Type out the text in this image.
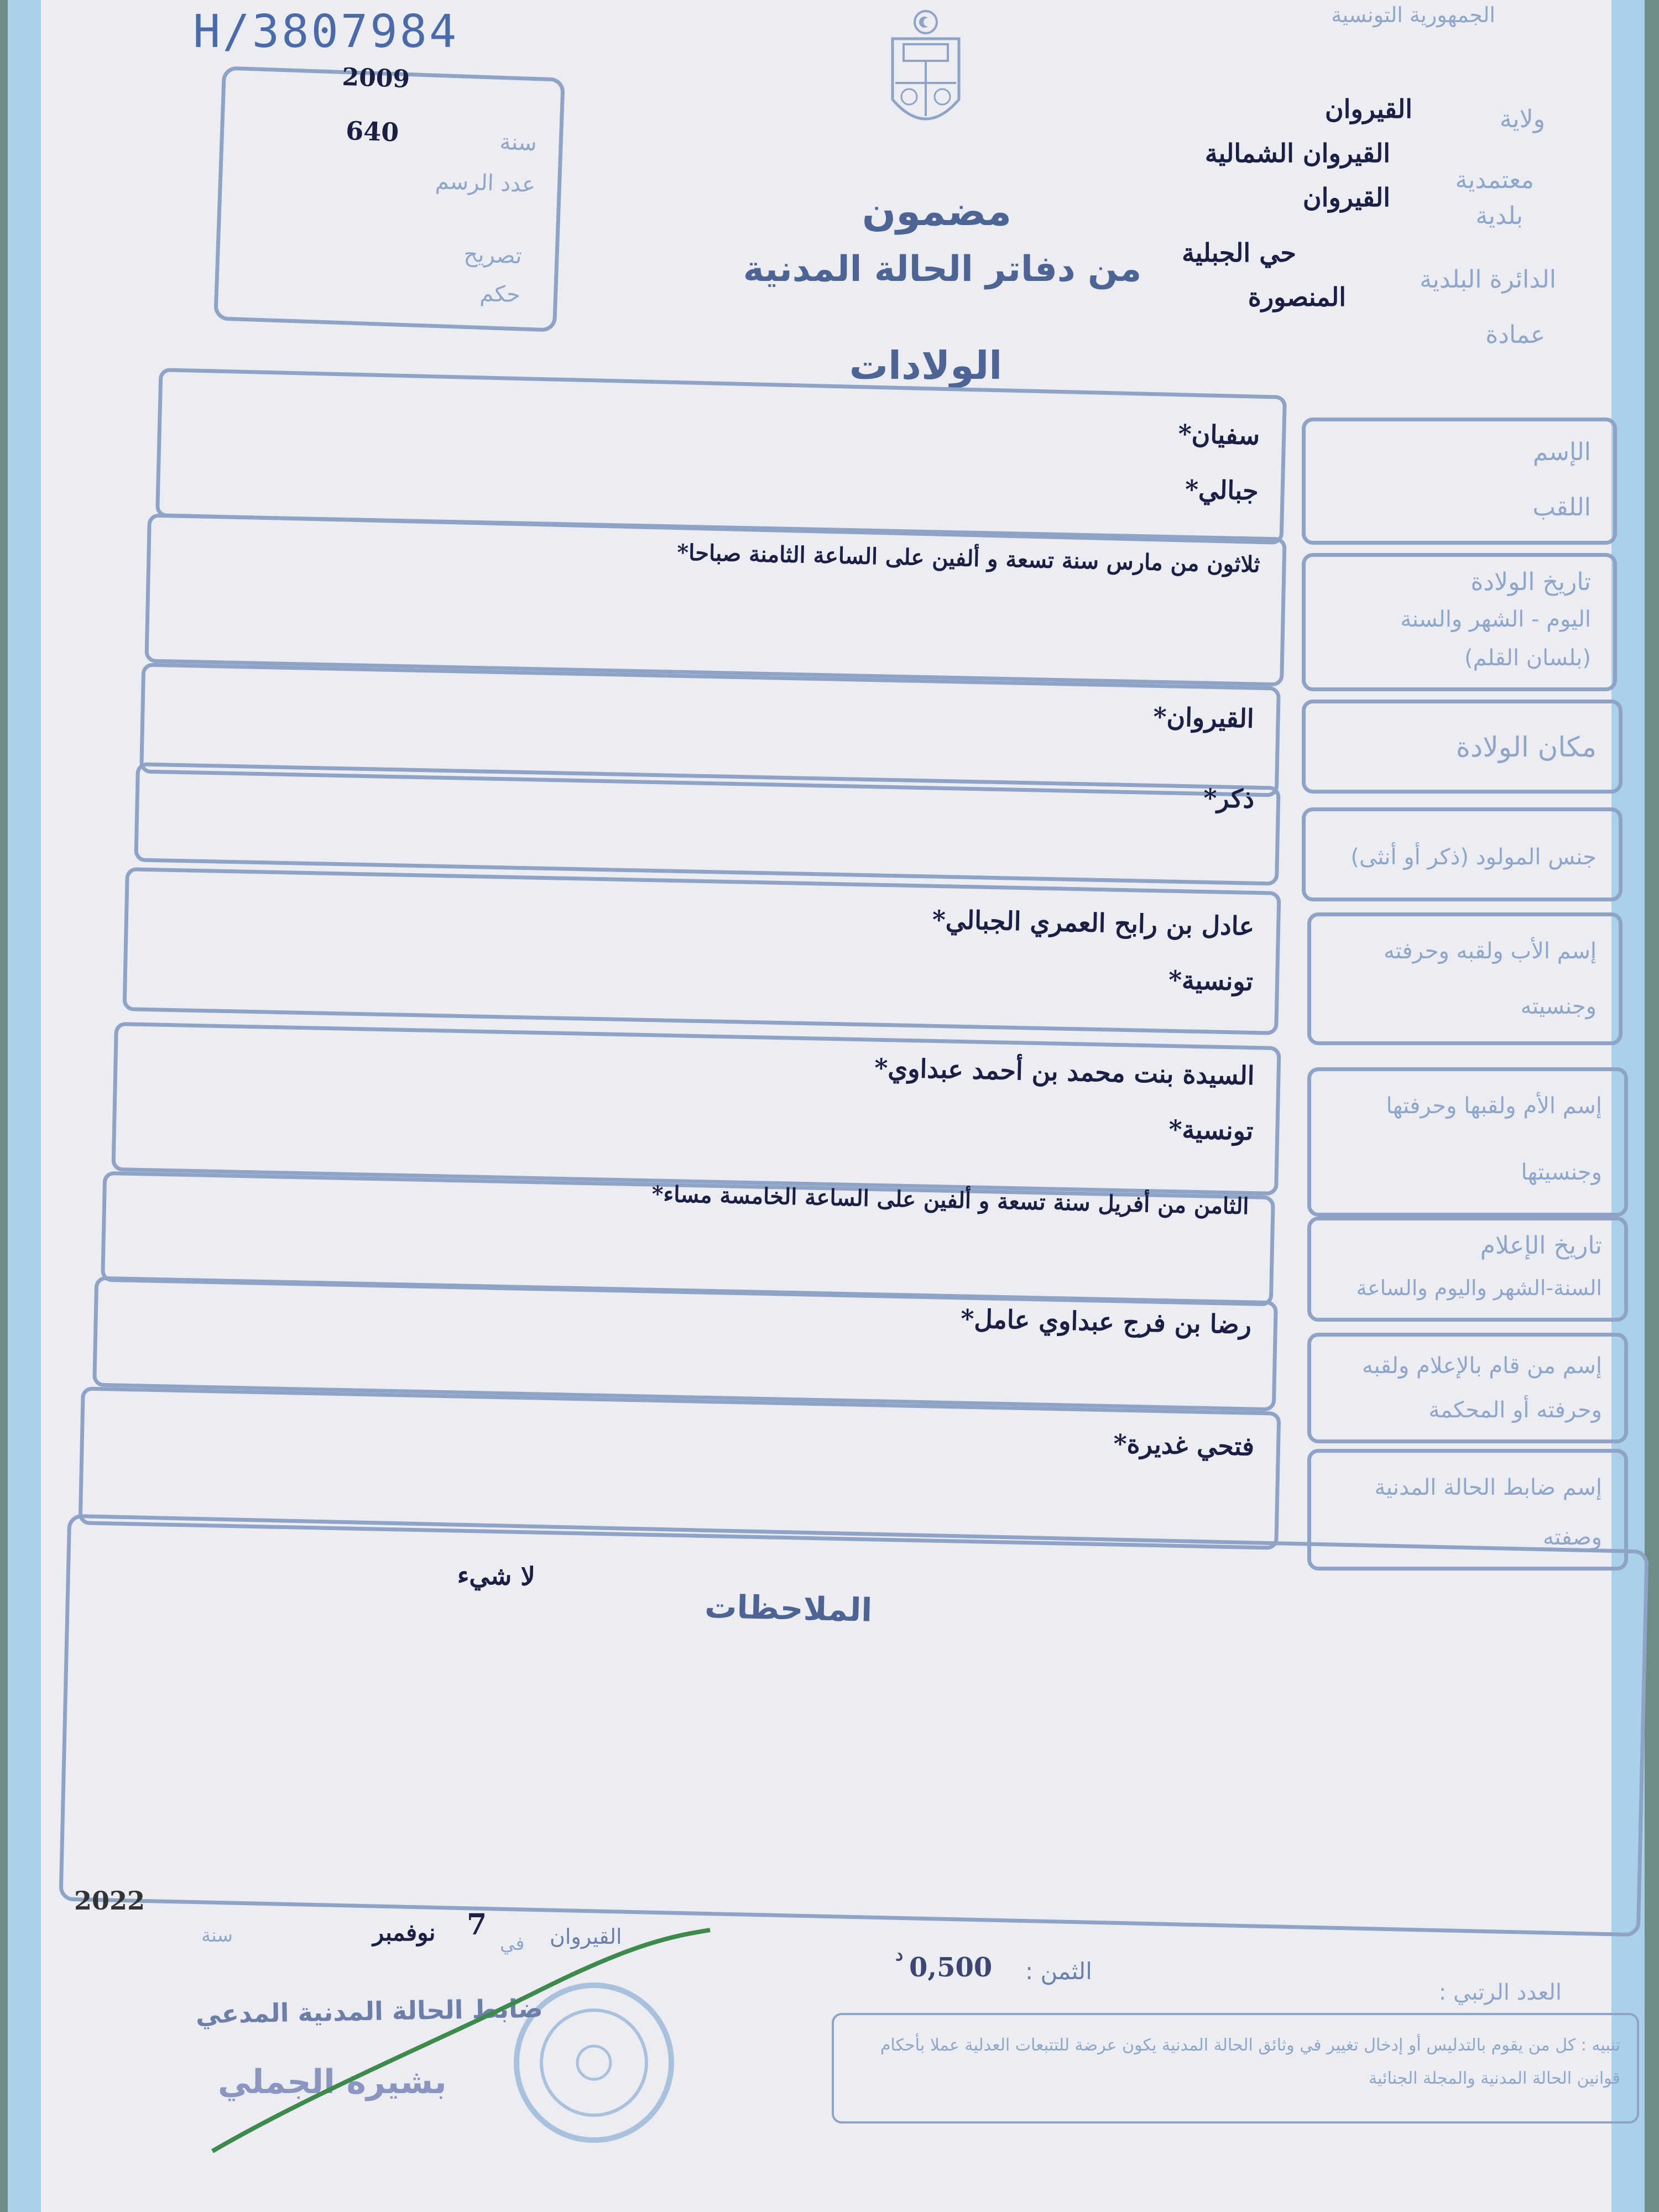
H/3807984	الجمهورية التونسية
ولاية
القيروان
معتمدية
القيروان الشمالية
بلدية
القيروان
الدائرة البلدية
حي الجبلية
عمادة
المنصورة
2009
سنة
640
عدد الرسم
تصريح
حكم
مضمون
من دفاتر الحالة المدنية
الولادات
سفيان*
جبالي*
الإسم
اللقب
ثلاثون من مارس سنة تسعة و ألفين على الساعة الثامنة صباحا*
تاريخ الولادة
اليوم - الشهر والسنة
(بلسان القلم)
القيروان*
مكان الولادة
ذكر*
جنس المولود (ذكر أو أنثى)
عادل بن رابح العمري الجبالي*
تونسية*
إسم الأب ولقبه وحرفته
وجنسيته
السيدة بنت محمد بن أحمد عبداوي*
تونسية*
إسم الأم ولقبها وحرفتها
وجنسيتها
الثامن من أفريل سنة تسعة و ألفين على الساعة الخامسة مساء*
تاريخ الإعلام
السنة-الشهر واليوم والساعة
رضا بن فرج عبداوي عامل*
إسم من قام بالإعلام ولقبه
وحرفته أو المحكمة
فتحي غديرة*
إسم ضابط الحالة المدنية
وصفته
الملاحظات
لا شيء
2022
سنة	نوفمبر 7
في القيروان
الثمن :
0,500
د
العدد الرتبي :
ضابط الحالة المدنية المدعي
بشيرة الجملي
تنبيه : كل من يقوم بالتدليس أو إدخال تغيير في وثائق الحالة المدنية يكون عرضة للتتبعات العدلية عملا بأحكام قوانين الحالة المدنية والمجلة الجنائية
